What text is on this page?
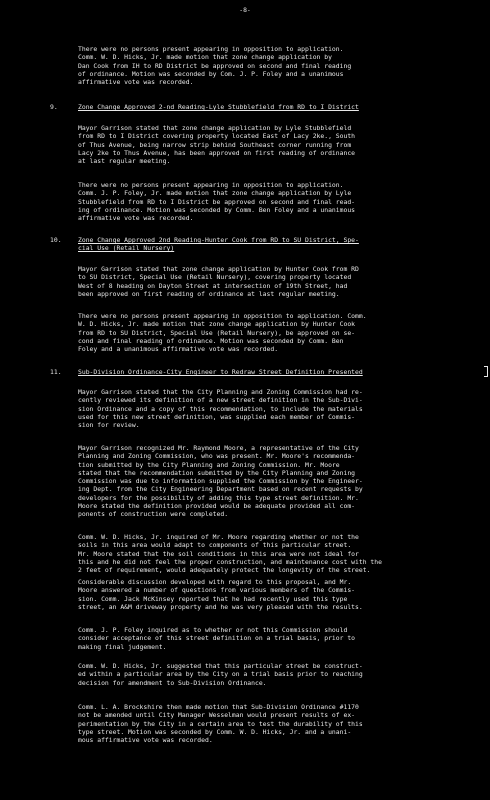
-8-
There were no persons present appearing in opposition to application.
Comm. W. D. Hicks, Jr. made motion that zone change application by
Dan Cook from IH to RD District be approved on second and final reading
of ordinance. Motion was seconded by Com. J. P. Foley and a unanimous
affirmative vote was recorded.
9.	Zone Change Approved 2-nd Reading-Lyle Stubblefield from RD to I District
Mayor Garrison stated that zone change application by Lyle Stubblefield
from RD to I District covering property located East of Lacy 2ke., South
of Thus Avenue, being narrow strip behind Southeast corner running from
Lacy 2ke to Thus Avenue, has been approved on first reading of ordinance
at last regular meeting.
There were no persons present appearing in opposition to application.
Comm. J. P. Foley, Jr. made motion that zone change application by Lyle
Stubblefield from RD to I District be approved on second and final read-
ing of ordinance. Motion was seconded by Comm. Ben Foley and a unanimous
affirmative vote was recorded.
10.	Zone Change Approved 2nd Reading-Hunter Cook from RD to SU District, Spe-
cial Use (Retail Nursery)
Mayor Garrison stated that zone change application by Hunter Cook from RD
to SU District, Special Use (Retail Nursery), covering property located
West of 8 heading on Dayton Street at intersection of 19th Street, had
been approved on first reading of ordinance at last regular meeting.
There were no persons present appearing in opposition to application. Comm.
W. D. Hicks, Jr. made motion that zone change application by Hunter Cook
from RD to SU District, Special Use (Retail Nursery), be approved on se-
cond and final reading of ordinance. Motion was seconded by Comm. Ben
Foley and a unanimous affirmative vote was recorded.
11.	Sub-Division Ordinance-City Engineer to Redraw Street Definition Presented
Mayor Garrison stated that the City Planning and Zoning Commission had re-
cently reviewed its definition of a new street definition in the Sub-Divi-
sion Ordinance and a copy of this recommendation, to include the materials
used for this new street definition, was supplied each member of Commis-
sion for review.
Mayor Garrison recognized Mr. Raymond Moore, a representative of the City
Planning and Zoning Commission, who was present. Mr. Moore's recommenda-
tion submitted by the City Planning and Zoning Commission. Mr. Moore
stated that the recommendation submitted by the City Planning and Zoning
Commission was due to information supplied the Commission by the Engineer-
ing Dept. from the City Engineering Department based on recent requests by
developers for the possibility of adding this type street definition. Mr.
Moore stated the definition provided would be adequate provided all com-
ponents of construction were completed.
Comm. W. D. Hicks, Jr. inquired of Mr. Moore regarding whether or not the
soils in this area would adapt to components of this particular street.
Mr. Moore stated that the soil conditions in this area were not ideal for
this and he did not feel the proper construction, and maintenance cost with the
2 feet of requirement, would adequately protect the longevity of the street.
Considerable discussion developed with regard to this proposal, and Mr.
Moore answered a number of questions from various members of the Commis-
sion. Comm. Jack McKinsey reported that he had recently used this type
street, an A&M driveway property and he was very pleased with the results.
Comm. J. P. Foley inquired as to whether or not this Commission should
consider acceptance of this street definition on a trial basis, prior to
making final judgement.
Comm. W. D. Hicks, Jr. suggested that this particular street be construct-
ed within a particular area by the City on a trial basis prior to reaching
decision for amendment to Sub-Division Ordinance.
Comm. L. A. Brockshire then made motion that Sub-Division Ordinance #1170
not be amended until City Manager Wesselman would present results of ex-
perimentation by the City in a certain area to test the durability of this
type street. Motion was seconded by Comm. W. D. Hicks, Jr. and a unani-
mous affirmative vote was recorded.
